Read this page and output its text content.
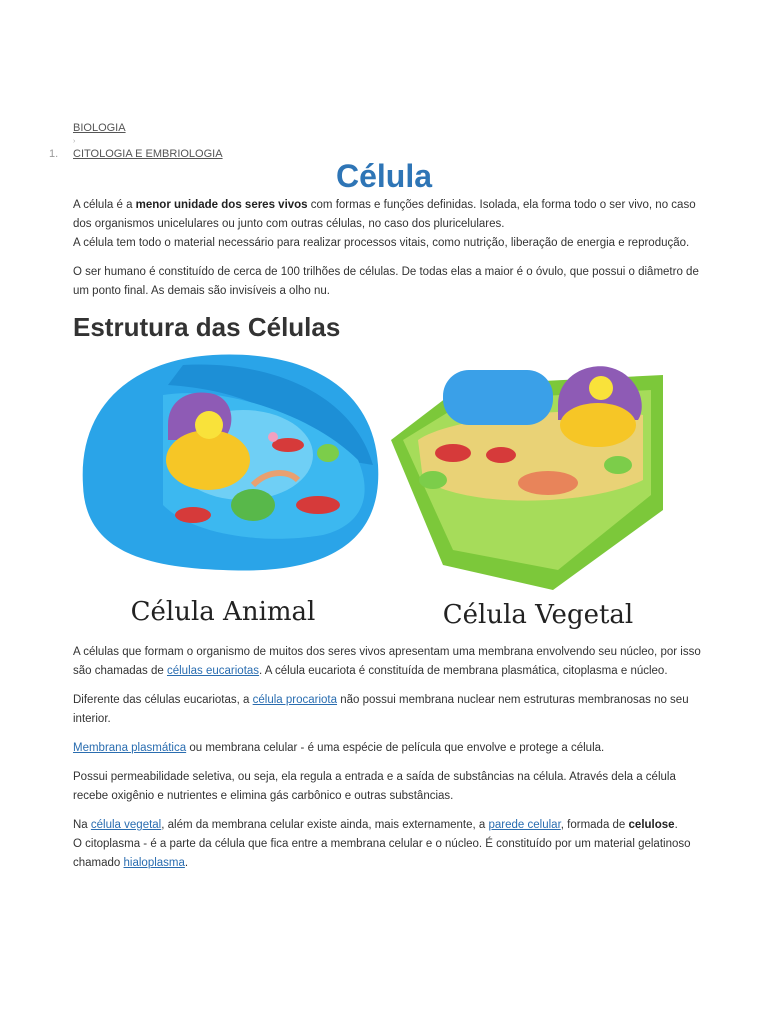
BIOLOGIA
›
1. CITOLOGIA E EMBRIOLOGIA
Célula

A célula é a menor unidade dos seres vivos com formas e funções definidas. Isolada, ela forma todo o ser vivo, no caso dos organismos unicelulares ou junto com outras células, no caso dos pluricelulares.

A célula tem todo o material necessário para realizar processos vitais, como nutrição, liberação de energia e reprodução.

O ser humano é constituído de cerca de 100 trilhões de células. De todas elas a maior é o óvulo, que possui o diâmetro de um ponto final. As demais são invisíveis a olho nu.

Estrutura das Células
Célula Animal	Célula Vegetal

A células que formam o organismo de muitos dos seres vivos apresentam uma membrana envolvendo seu núcleo, por isso são chamadas de células eucariotas. A célula eucariota é constituída de membrana plasmática, citoplasma e núcleo.

Diferente das células eucariotas, a célula procariota não possui membrana nuclear nem estruturas membranosas no seu interior.

Membrana plasmática ou membrana celular - é uma espécie de película que envolve e protege a célula.

Possui permeabilidade seletiva, ou seja, ela regula a entrada e a saída de substâncias na célula. Através dela a célula recebe oxigênio e nutrientes e elimina gás carbônico e outras substâncias.

Na célula vegetal, além da membrana celular existe ainda, mais externamente, a parede celular, formada de celulose.

O citoplasma - é a parte da célula que fica entre a membrana celular e o núcleo. É constituído por um material gelatinoso chamado hialoplasma.
